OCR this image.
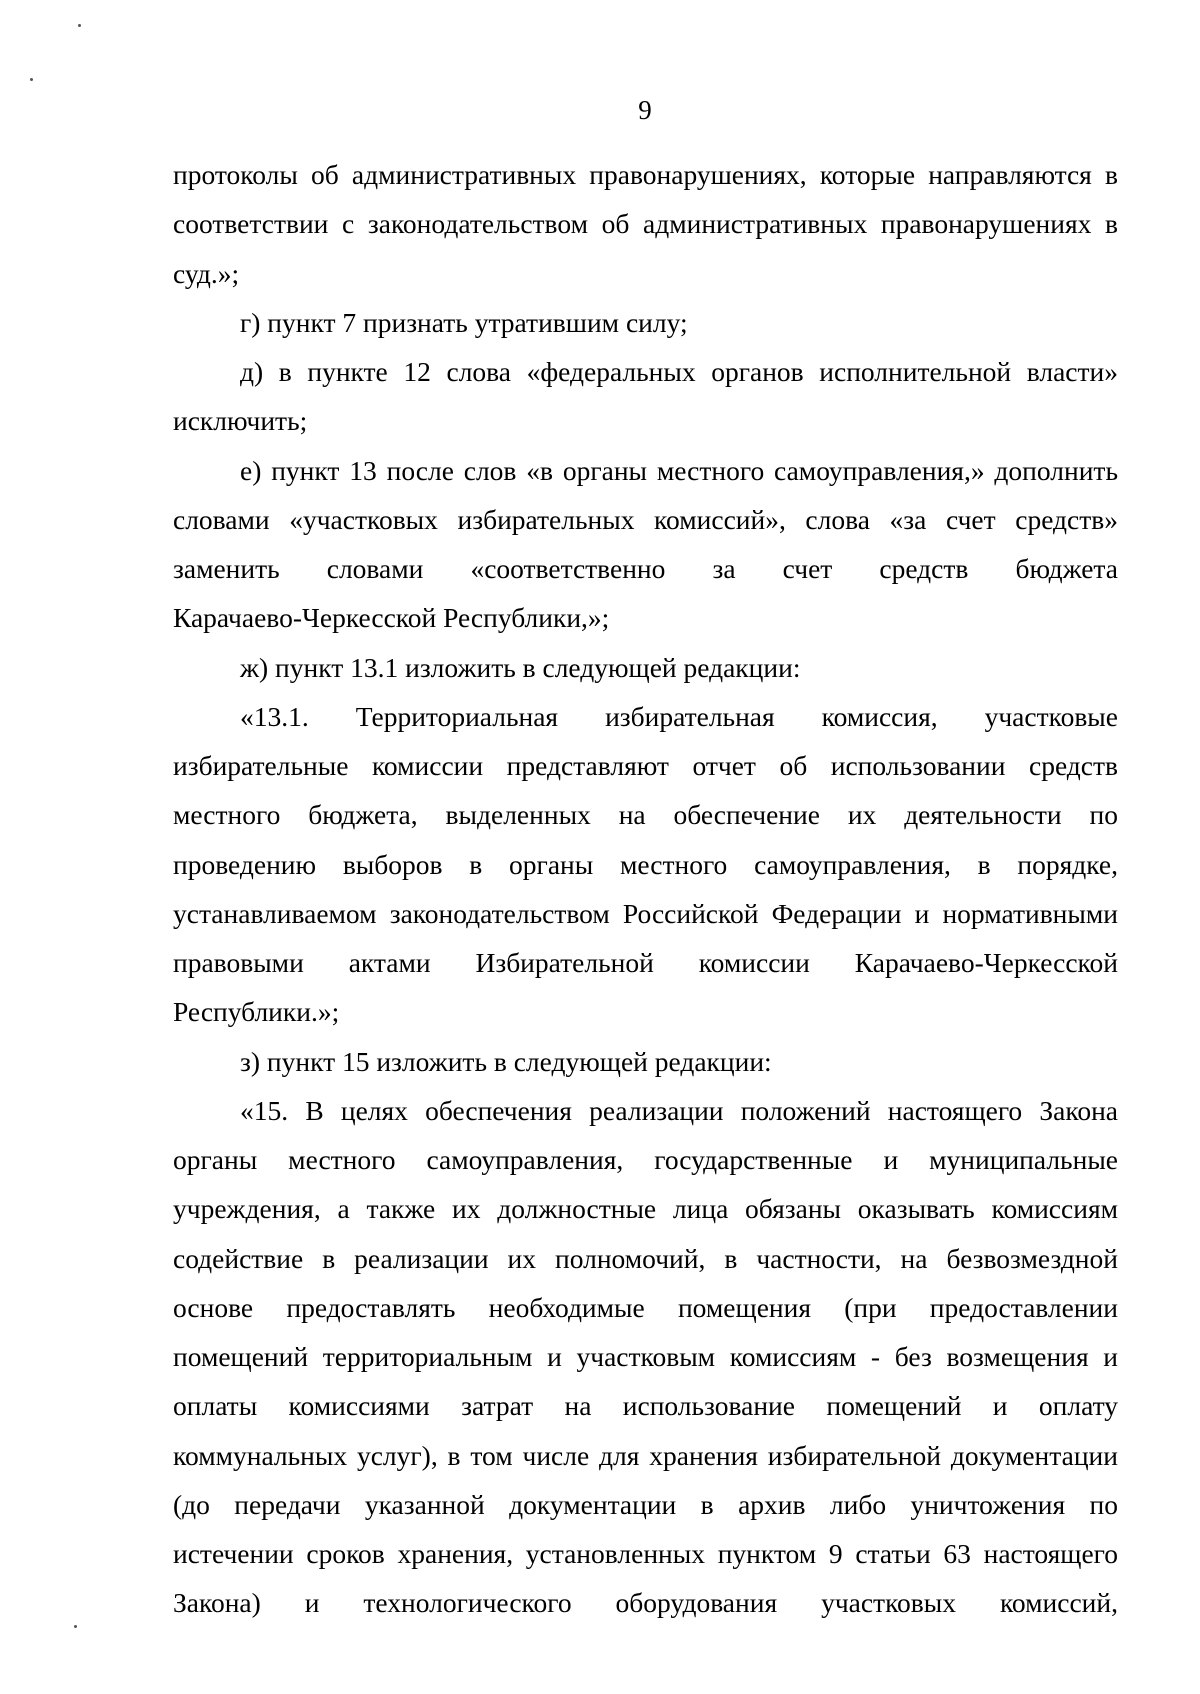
9
протоколы об административных правонарушениях, которые направляются в
соответствии с законодательством об административных правонарушениях в
суд.»;
г) пункт 7 признать утратившим силу;
д) в пункте 12 слова «федеральных органов исполнительной власти»
исключить;
е) пункт 13 после слов «в органы местного самоуправления,» дополнить
словами «участковых избирательных комиссий», слова «за счет средств»
заменить словами «соответственно за счет средств бюджета
Карачаево-Черкесской Республики,»;
ж) пункт 13.1 изложить в следующей редакции:
«13.1. Территориальная избирательная комиссия, участковые
избирательные комиссии представляют отчет об использовании средств
местного бюджета, выделенных на обеспечение их деятельности по
проведению выборов в органы местного самоуправления, в порядке,
устанавливаемом законодательством Российской Федерации и нормативными
правовыми актами Избирательной комиссии Карачаево-Черкесской
Республики.»;
з) пункт 15 изложить в следующей редакции:
«15. В целях обеспечения реализации положений настоящего Закона
органы местного самоуправления, государственные и муниципальные
учреждения, а также их должностные лица обязаны оказывать комиссиям
содействие в реализации их полномочий, в частности, на безвозмездной
основе предоставлять необходимые помещения (при предоставлении
помещений территориальным и участковым комиссиям - без возмещения и
оплаты комиссиями затрат на использование помещений и оплату
коммунальных услуг), в том числе для хранения избирательной документации
(до передачи указанной документации в архив либо уничтожения по
истечении сроков хранения, установленных пунктом 9 статьи 63 настоящего
Закона) и технологического оборудования участковых комиссий,
